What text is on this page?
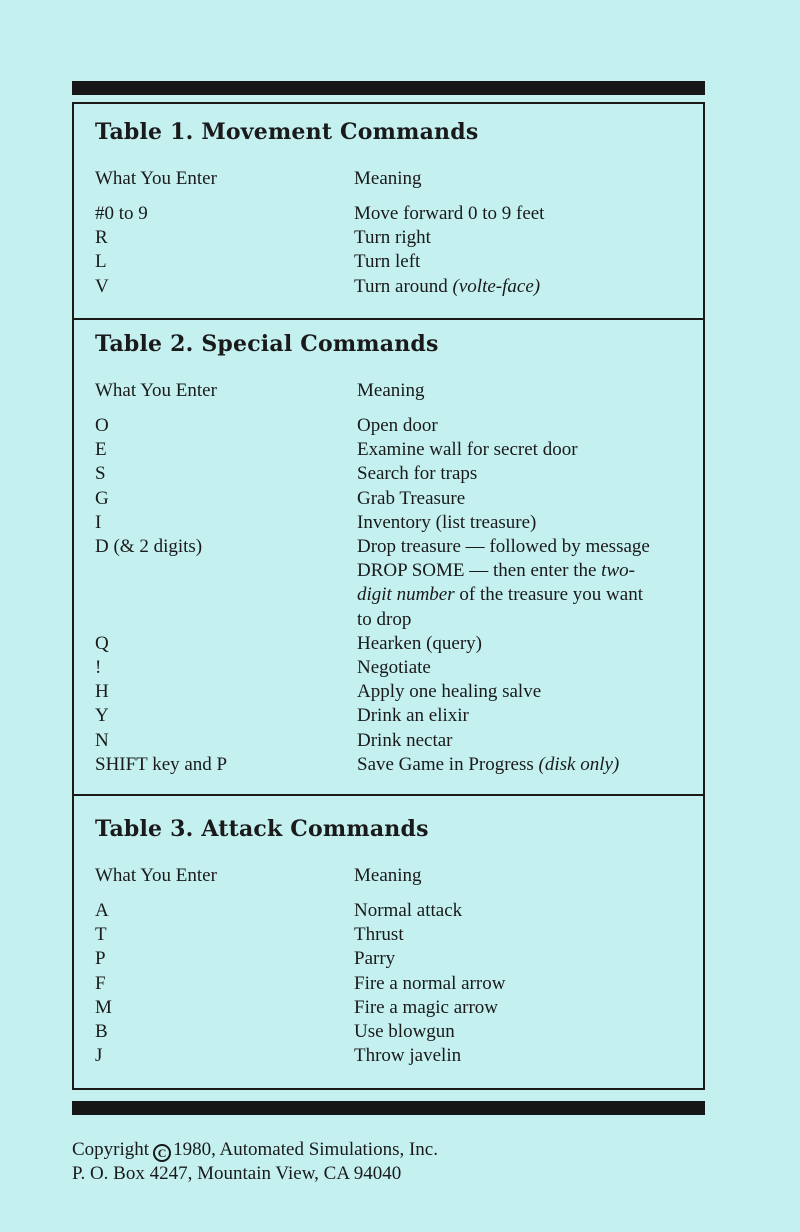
Table 1. Movement Commands
What You Enter	Meaning
#0 to 9	Move forward 0 to 9 feet
R	Turn right
L	Turn left
V	Turn around (volte-face)
Table 2. Special Commands
What You Enter	Meaning
O	Open door
E	Examine wall for secret door
S	Search for traps
G	Grab Treasure
I	Inventory (list treasure)
D (& 2 digits)	Drop treasure — followed by message
DROP SOME — then enter the two-
digit number of the treasure you want
to drop
Q	Hearken (query)
!	Negotiate
H	Apply one healing salve
Y	Drink an elixir
N	Drink nectar
SHIFT key and P	Save Game in Progress (disk only)
Table 3. Attack Commands
What You Enter	Meaning
A	Normal attack
T	Thrust
P	Parry
F	Fire a normal arrow
M	Fire a magic arrow
B	Use blowgun
J	Throw javelin
Copyright C 1980, Automated Simulations, Inc.
P. O. Box 4247, Mountain View, CA 94040
